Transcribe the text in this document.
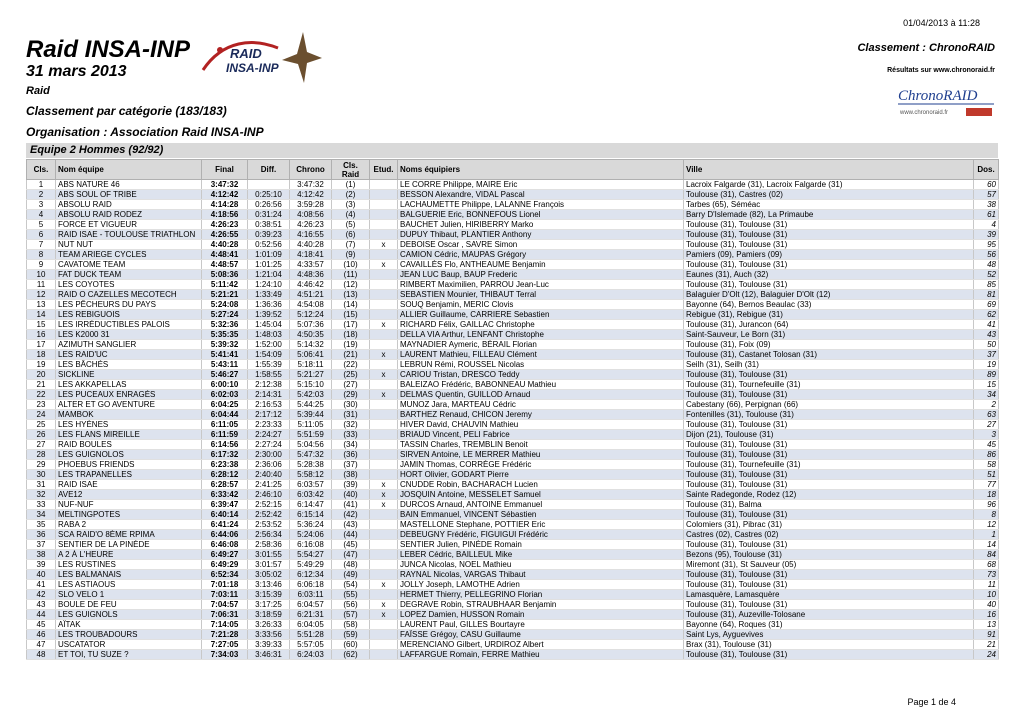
01/04/2013 à 11:28
Raid INSA-INP
31 mars 2013
Raid
Classement par catégorie (183/183)
Organisation : Association Raid INSA-INP
Classement : ChronoRAID
Résultats sur www.chronoraid.fr
RAID
INSA-INP
ChronoRAID
www.chronoraid.fr
Equipe 2 Hommes (92/92)
Cls.	Nom équipe	Final	Diff.	Chrono	Cls. Raid	Etud.	Noms équipiers	Ville	Dos.
1	ABS NATURE 46	3:47:32		3:47:32	(1)		LE CORRE Philippe, MAIRE Eric	Lacroix Falgarde (31), Lacroix Falgarde (31)	60
2	ABS SOUL OF TRIBE	4:12:42	0:25:10	4:12:42	(2)		BESSON Alexandre, VIDAL Pascal	Toulouse (31), Castres (02)	57
3	ABSOLU RAID	4:14:28	0:26:56	3:59:28	(3)		LACHAUMETTE Philippe, LALANNE François	Tarbes (65), Séméac	38
4	ABSOLU RAID RODEZ	4:18:56	0:31:24	4:08:56	(4)		BALGUERIE Eric, BONNEFOUS Lionel	Barry D'Islemade (82), La Primaube	61
5	FORCE ET VIGUEUR	4:26:23	0:38:51	4:26:23	(5)		BAUCHET Julien, HIRIBERRY Marko	Toulouse (31), Toulouse (31)	4
6	RAID ISAE - TOULOUSE TRIATHLON	4:26:55	0:39:23	4:16:55	(6)		DUPUY Thibaut, PLANTIER Anthony	Toulouse (31), Toulouse (31)	39
7	NUT NUT	4:40:28	0:52:56	4:40:28	(7)	x	DEBOISE Oscar , SAVRE Simon	Toulouse (31), Toulouse (31)	95
8	TEAM ARIEGE CYCLES	4:48:41	1:01:09	4:18:41	(9)		CAMION Cédric, MAUPAS Grégory	Pamiers (09), Pamiers (09)	56
9	CAVATOME TEAM	4:48:57	1:01:25	4:33:57	(10)	x	CAVAILLÈS Flo, ANTHEAUME Benjamin	Toulouse (31), Toulouse (31)	48
10	FAT DUCK TEAM	5:08:36	1:21:04	4:48:36	(11)		JEAN LUC Baup, BAUP Frederic	Eaunes (31), Auch (32)	52
11	LES COYOTES	5:11:42	1:24:10	4:46:42	(12)		RIMBERT Maximilien, PARROU Jean-Luc	Toulouse (31), Toulouse (31)	85
12	RAID O CAZELLES MECOTECH	5:21:21	1:33:49	4:51:21	(13)		SEBASTIEN Mounier, THIBAUT Terral	Balaguier D'Olt (12), Balaguier D'Olt (12)	81
13	LES PÊCHEURS DU PAYS	5:24:08	1:36:36	4:54:08	(14)		SOUQ Benjamin, MERIC Clovis	Bayonne (64), Bernos Beaulac (33)	69
14	LES REBIGUOIS	5:27:24	1:39:52	5:12:24	(15)		ALLIER Guillaume, CARRIERE Sebastien	Rebigue (31), Rebigue (31)	62
15	LES IRRÉDUCTIBLES PALOIS	5:32:36	1:45:04	5:07:36	(17)	x	RICHARD Félix, GAILLAC Christophe	Toulouse (31), Jurancon (64)	41
16	LES K2000 31	5:35:35	1:48:03	4:50:35	(18)		DELLA VIA Arthur, LENFANT Christophe	Saint-Sauveur, Le Born (31)	43
17	AZIMUTH SANGLIER	5:39:32	1:52:00	5:14:32	(19)		MAYNADIER Aymeric, BÉRAIL Florian	Toulouse (31), Foix (09)	50
18	LES RAID'UC	5:41:41	1:54:09	5:06:41	(21)	x	LAURENT Mathieu, FILLEAU Clément	Toulouse (31), Castanet Tolosan (31)	37
19	LES BÂCHÉS	5:43:11	1:55:39	5:18:11	(22)		LEBRUN Rémi, ROUSSEL Nicolas	Seilh (31), Seilh (31)	19
20	SICKLINE	5:46:27	1:58:55	5:21:27	(25)	x	CARIOU Tristan, DRESCO Teddy	Toulouse (31), Toulouse (31)	89
21	LES AKKAPELLAS	6:00:10	2:12:38	5:15:10	(27)		BALEIZAO Frédéric, BABONNEAU Mathieu	Toulouse (31), Tournefeuille (31)	15
22	LES PUCEAUX ENRAGÉS	6:02:03	2:14:31	5:42:03	(29)	x	DELMAS Quentin, GUILLOD Arnaud	Toulouse (31), Toulouse (31)	34
23	ALTER ET GO AVENTURE	6:04:25	2:16:53	5:44:25	(30)		MUNOZ Jara, MARTEAU Cédric	Cabestany (66), Perpignan (66)	2
24	MAMBOK	6:04:44	2:17:12	5:39:44	(31)		BARTHEZ Renaud, CHICON Jeremy	Fontenilles (31), Toulouse (31)	63
25	LES HYÈNES	6:11:05	2:23:33	5:11:05	(32)		HIVER David, CHAUVIN Mathieu	Toulouse (31), Toulouse (31)	27
26	LES FLANS MIREILLE	6:11:59	2:24:27	5:51:59	(33)		BRIAUD Vincent, PELI Fabrice	Dijon (21), Toulouse (31)	3
27	RAID BOULES	6:14:56	2:27:24	5:04:56	(34)		TASSIN Charles, TREMBLIN Benoit	Toulouse (31), Toulouse (31)	45
28	LES GUIGNOLOS	6:17:32	2:30:00	5:47:32	(36)		SIRVEN Antoine, LE MERRER Mathieu	Toulouse (31), Toulouse (31)	86
29	PHOEBUS FRIENDS	6:23:38	2:36:06	5:28:38	(37)		JAMIN Thomas, CORRÈGE Frédéric	Toulouse (31), Tournefeuille (31)	58
30	LES TRAPANELLES	6:28:12	2:40:40	5:58:12	(38)		HORT Olivier, GODART Pierre	Toulouse (31), Toulouse (31)	51
31	RAID ISAE	6:28:57	2:41:25	6:03:57	(39)	x	CNUDDE Robin, BACHARACH Lucien	Toulouse (31), Toulouse (31)	77
32	AVE12	6:33:42	2:46:10	6:03:42	(40)	x	JOSQUIN Antoine, MESSELET Samuel	Sainte Radegonde, Rodez (12)	18
33	NUF-NUF	6:39:47	2:52:15	6:14:47	(41)	x	DURCOS Arnaud, ANTOINE Emmanuel	Toulouse (31), Balma	96
34	MELTINGPOTES	6:40:14	2:52:42	6:15:14	(42)		BAIN Emmanuel, VINCENT Sébastien	Toulouse (31), Toulouse (31)	8
35	RABA 2	6:41:24	2:53:52	5:36:24	(43)		MASTELLONE Stephane, POTTIER Eric	Colomiers (31), Pibrac (31)	12
36	SCA RAID'O 8ÈME RPIMA	6:44:06	2:56:34	5:24:06	(44)		DEBEUGNY Frédéric, FIGUIGUI Frédéric	Castres (02), Castres (02)	1
37	SENTIER DE LA PINÈDE	6:46:08	2:58:36	6:16:08	(45)		SENTIER Julien, PINÈDE Romain	Toulouse (31), Toulouse (31)	14
38	A 2 À L'HEURE	6:49:27	3:01:55	5:54:27	(47)		LEBER Cédric, BAILLEUL Mike	Bezons (95), Toulouse (31)	84
39	LES RUSTINES	6:49:29	3:01:57	5:49:29	(48)		JUNCA Nicolas, NOEL Mathieu	Miremont (31), St Sauveur (05)	68
40	LES BALMANAIS	6:52:34	3:05:02	6:12:34	(49)		RAYNAL Nicolas, VARGAS Thibaut	Toulouse (31), Toulouse (31)	73
41	LES ASTIAOUS	7:01:18	3:13:46	6:06:18	(54)	x	JOLLY Joseph, LAMOTHE Adrien	Toulouse (31), Toulouse (31)	11
42	SLO VELO 1	7:03:11	3:15:39	6:03:11	(55)		HERMET Thierry, PELLEGRINO Florian	Lamasquère, Lamasquère	10
43	BOULE DE FEU	7:04:57	3:17:25	6:04:57	(56)	x	DEGRAVE Robin, STRAUBHAAR Benjamin	Toulouse (31), Toulouse (31)	40
44	LES GUIGNOLS	7:06:31	3:18:59	6:21:31	(57)	x	LOPEZ Damien, HUSSON Romain	Toulouse (31), Auzeville-Tolosane	16
45	AÏTAK	7:14:05	3:26:33	6:04:05	(58)		LAURENT Paul, GILLES Bourtayre	Bayonne (64), Roques (31)	13
46	LES TROUBADOURS	7:21:28	3:33:56	5:51:28	(59)		FAÏSSE Grégoy, CASU Guillaume	Saint Lys, Ayguevives	91
47	USCATATOR	7:27:05	3:39:33	5:57:05	(60)		MERENCIANO Gilbert, URDIROZ Albert	Brax (31), Toulouse (31)	21
48	ET TOI, TU SUZE ?	7:34:03	3:46:31	6:24:03	(62)		LAFFARGUE Romain, FERRE Mathieu	Toulouse (31), Toulouse (31)	24
Page 1 de 4
